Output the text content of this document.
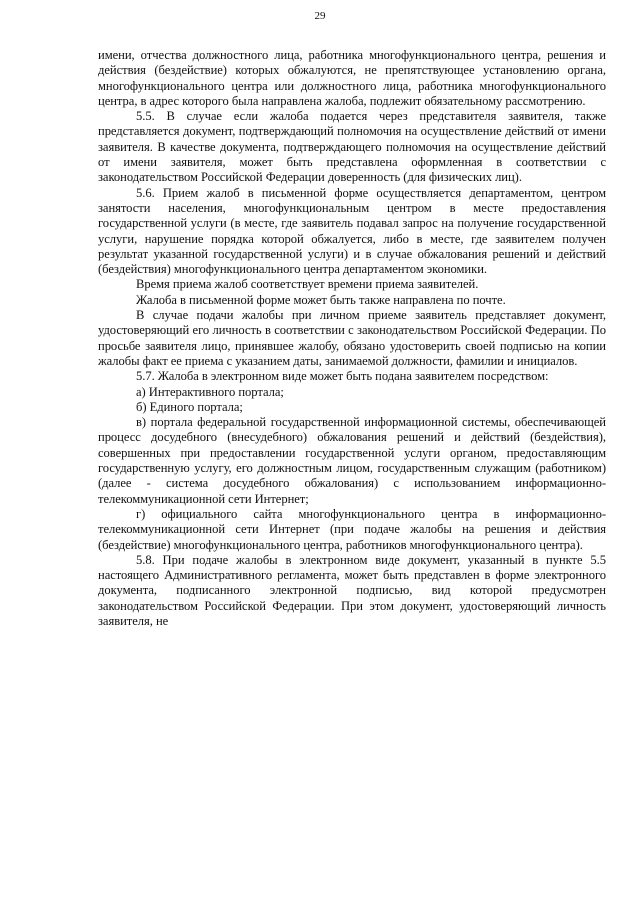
29

имени, отчества должностного лица, работника многофункционального центра, решения и действия (бездействие) которых обжалуются, не препятствующее установлению органа, многофункционального центра или должностного лица, работника многофункционального центра, в адрес которого была направлена жалоба, подлежит обязательному рассмотрению.

5.5. В случае если жалоба подается через представителя заявителя, также представляется документ, подтверждающий полномочия на осуществление действий от имени заявителя. В качестве документа, подтверждающего полномочия на осуществление действий от имени заявителя, может быть представлена оформленная в соответствии с законодательством Российской Федерации доверенность (для физических лиц).

5.6. Прием жалоб в письменной форме осуществляется департаментом, центром занятости населения, многофункциональным центром в месте предоставления государственной услуги (в месте, где заявитель подавал запрос на получение государственной услуги, нарушение порядка которой обжалуется, либо в месте, где заявителем получен результат указанной государственной услуги) и в случае обжалования решений и действий (бездействия) многофункционального центра департаментом экономики.

Время приема жалоб соответствует времени приема заявителей.

Жалоба в письменной форме может быть также направлена по почте.

В случае подачи жалобы при личном приеме заявитель представляет документ, удостоверяющий его личность в соответствии с законодательством Российской Федерации. По просьбе заявителя лицо, принявшее жалобу, обязано удостоверить своей подписью на копии жалобы факт ее приема с указанием даты, занимаемой должности, фамилии и инициалов.

5.7. Жалоба в электронном виде может быть подана заявителем посредством:

а) Интерактивного портала;

б) Единого портала;

в) портала федеральной государственной информационной системы, обеспечивающей процесс досудебного (внесудебного) обжалования решений и действий (бездействия), совершенных при предоставлении государственной услуги органом, предоставляющим государственную услугу, его должностным лицом, государственным служащим (работником) (далее - система досудебного обжалования) с использованием информационно-телекоммуникационной сети Интернет;

г) официального сайта многофункционального центра в информационно-телекоммуникационной сети Интернет (при подаче жалобы на решения и действия (бездействие) многофункционального центра, работников многофункционального центра).

5.8. При подаче жалобы в электронном виде документ, указанный в пункте 5.5 настоящего Административного регламента, может быть представлен в форме электронного документа, подписанного электронной подписью, вид которой предусмотрен законодательством Российской Федерации. При этом документ, удостоверяющий личность заявителя, не
